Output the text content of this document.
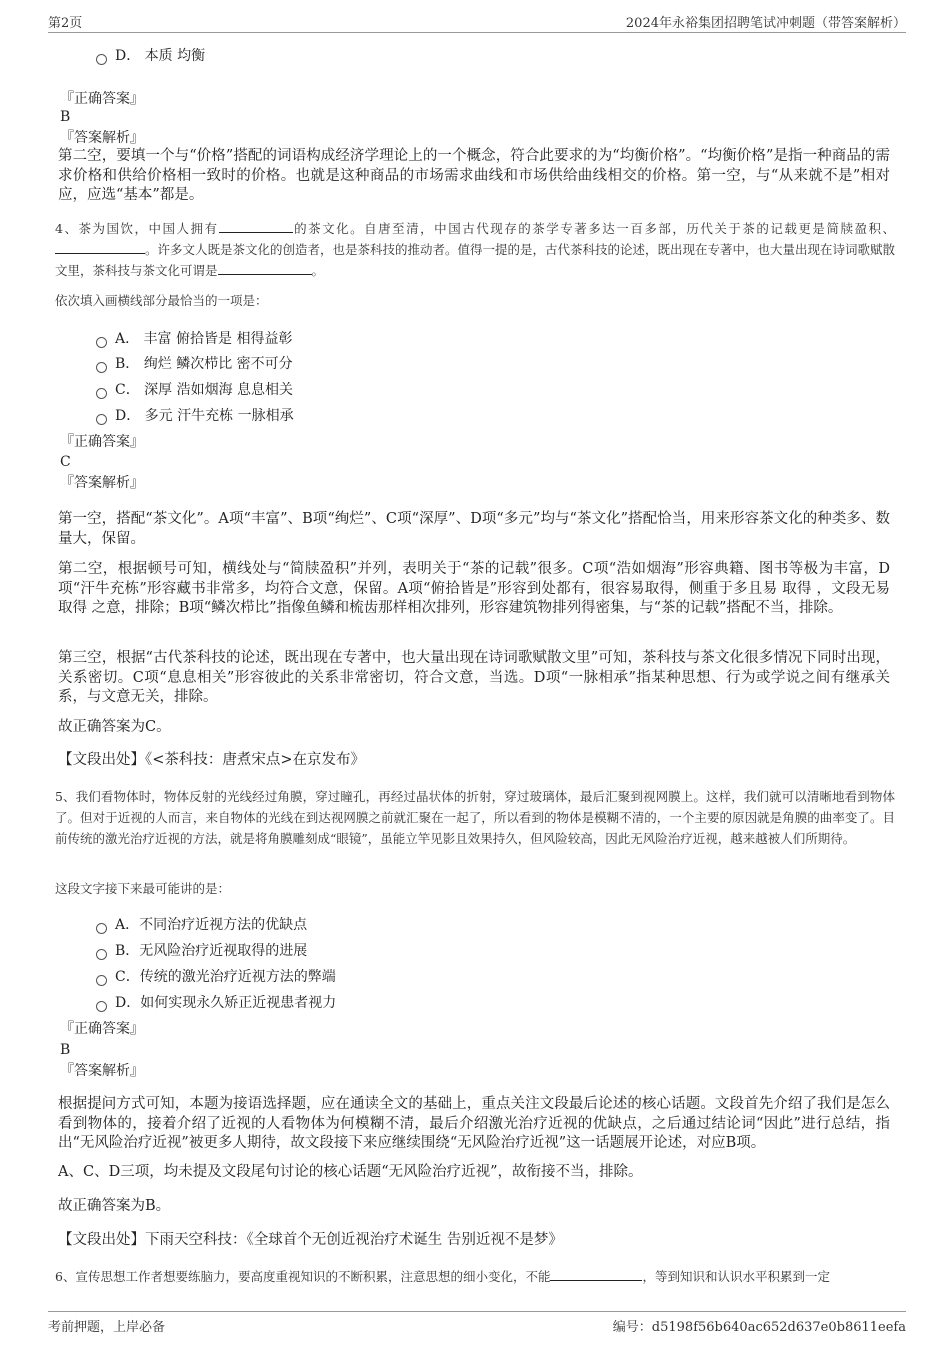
第2页	2024年永裕集团招聘笔试冲刺题（带答案解析）
D． 本质 均衡
『正确答案』
B
『答案解析』
第二空，要填一个与“价格”搭配的词语构成经济学理论上的一个概念，符合此要求的为“均衡价格”。“均衡价格”是指一种商品的需求价格和供给价格相一致时的价格。也就是这种商品的市场需求曲线和市场供给曲线相交的价格。第一空，与“从来就不是”相对应，应选“基本”都是。
4、茶为国饮，中国人拥有	的茶文化。自唐至清，中国古代现存的茶学专著多达一百多部，历代关于茶的记载更是简牍盈积、。许多文人既是茶文化的创造者，也是茶科技的推动者。值得一提的是，古代茶科技的论述，既出现在专著中，也大量出现在诗词歌赋散文里，茶科技与茶文化可谓是	。
依次填入画横线部分最恰当的一项是：
A． 丰富 俯拾皆是 相得益彰
B． 绚烂 鳞次栉比 密不可分
C． 深厚 浩如烟海 息息相关
D． 多元 汗牛充栋 一脉相承
『正确答案』
C
『答案解析』
第一空，搭配“茶文化”。A项“丰富”、B项“绚烂”、C项“深厚”、D项“多元”均与“茶文化”搭配恰当，用来形容茶文化的种类多、数量大，保留。
第二空，根据顿号可知，横线处与“简牍盈积”并列，表明关于“茶的记载”很多。C项“浩如烟海”形容典籍、图书等极为丰富，D项“汗牛充栋”形容藏书非常多，均符合文意，保留。A项“俯拾皆是”形容到处都有，很容易取得，侧重于多且易 取得 ，文段无易 取得 之意，排除；B项“鳞次栉比”指像鱼鳞和梳齿那样相次排列，形容建筑物排列得密集，与“茶的记载”搭配不当，排除。
第三空，根据“古代茶科技的论述，既出现在专著中，也大量出现在诗词歌赋散文里”可知，茶科技与茶文化很多情况下同时出现，关系密切。C项“息息相关”形容彼此的关系非常密切，符合文意，当选。D项“一脉相承”指某种思想、行为或学说之间有继承关系，与文意无关，排除。
故正确答案为C。
【文段出处】《<茶科技：唐煮宋点>在京发布》
5、我们看物体时，物体反射的光线经过角膜，穿过瞳孔，再经过晶状体的折射，穿过玻璃体，最后汇聚到视网膜上。这样，我们就可以清晰地看到物体了。但对于近视的人而言，来自物体的光线在到达视网膜之前就汇聚在一起了，所以看到的物体是模糊不清的，一个主要的原因就是角膜的曲率变了。目前传统的激光治疗近视的方法，就是将角膜雕刻成“眼镜”，虽能立竿见影且效果持久，但风险较高，因此无风险治疗近视，越来越被人们所期待。
这段文字接下来最可能讲的是：
A．不同治疗近视方法的优缺点
B．无风险治疗近视取得的进展
C．传统的激光治疗近视方法的弊端
D．如何实现永久矫正近视患者视力
『正确答案』
B
『答案解析』
根据提问方式可知，本题为接语选择题，应在通读全文的基础上，重点关注文段最后论述的核心话题。文段首先介绍了我们是怎么看到物体的，接着介绍了近视的人看物体为何模糊不清，最后介绍激光治疗近视的优缺点，之后通过结论词“因此”进行总结，指出“无风险治疗近视”被更多人期待，故文段接下来应继续围绕“无风险治疗近视”这一话题展开论述，对应B项。
A、C、D三项，均未提及文段尾句讨论的核心话题“无风险治疗近视”，故衔接不当，排除。
故正确答案为B。
【文段出处】下雨天空科技：《全球首个无创近视治疗术诞生 告别近视不是梦》
6、宣传思想工作者想要练脑力，要高度重视知识的不断积累，注意思想的细小变化，不能	，等到知识和认识水平积累到一定
考前押题，上岸必备	编号：d5198f56b640ac652d637e0b8611eefa
